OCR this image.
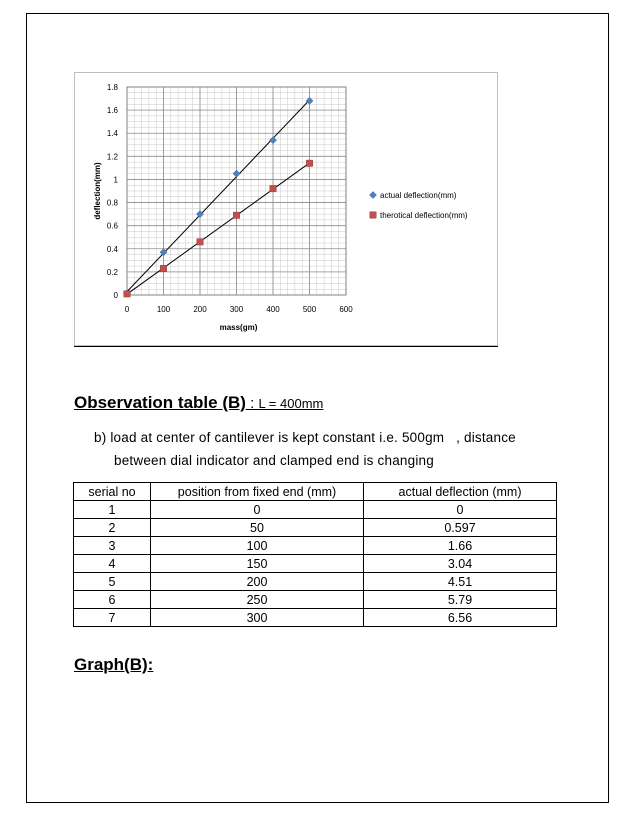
0
0.2
0.4
0.6
0.8
1
1.2
1.4
1.6
1.8
0	100	200	300	400	500	600
mass(gm)
deflection(mm)	actual deflection(mm)
therotical deflection(mm)
Observation table (B) : L = 400mm
b) load at center of cantilever is kept constant i.e. 500gm   , distance
between dial indicator and clamped end is changing
serial no	position from fixed end (mm)	actual deflection (mm)
1	0	0
2	50	0.597
3	100	1.66
4	150	3.04
5	200	4.51
6	250	5.79
7	300	6.56
Graph(B):
